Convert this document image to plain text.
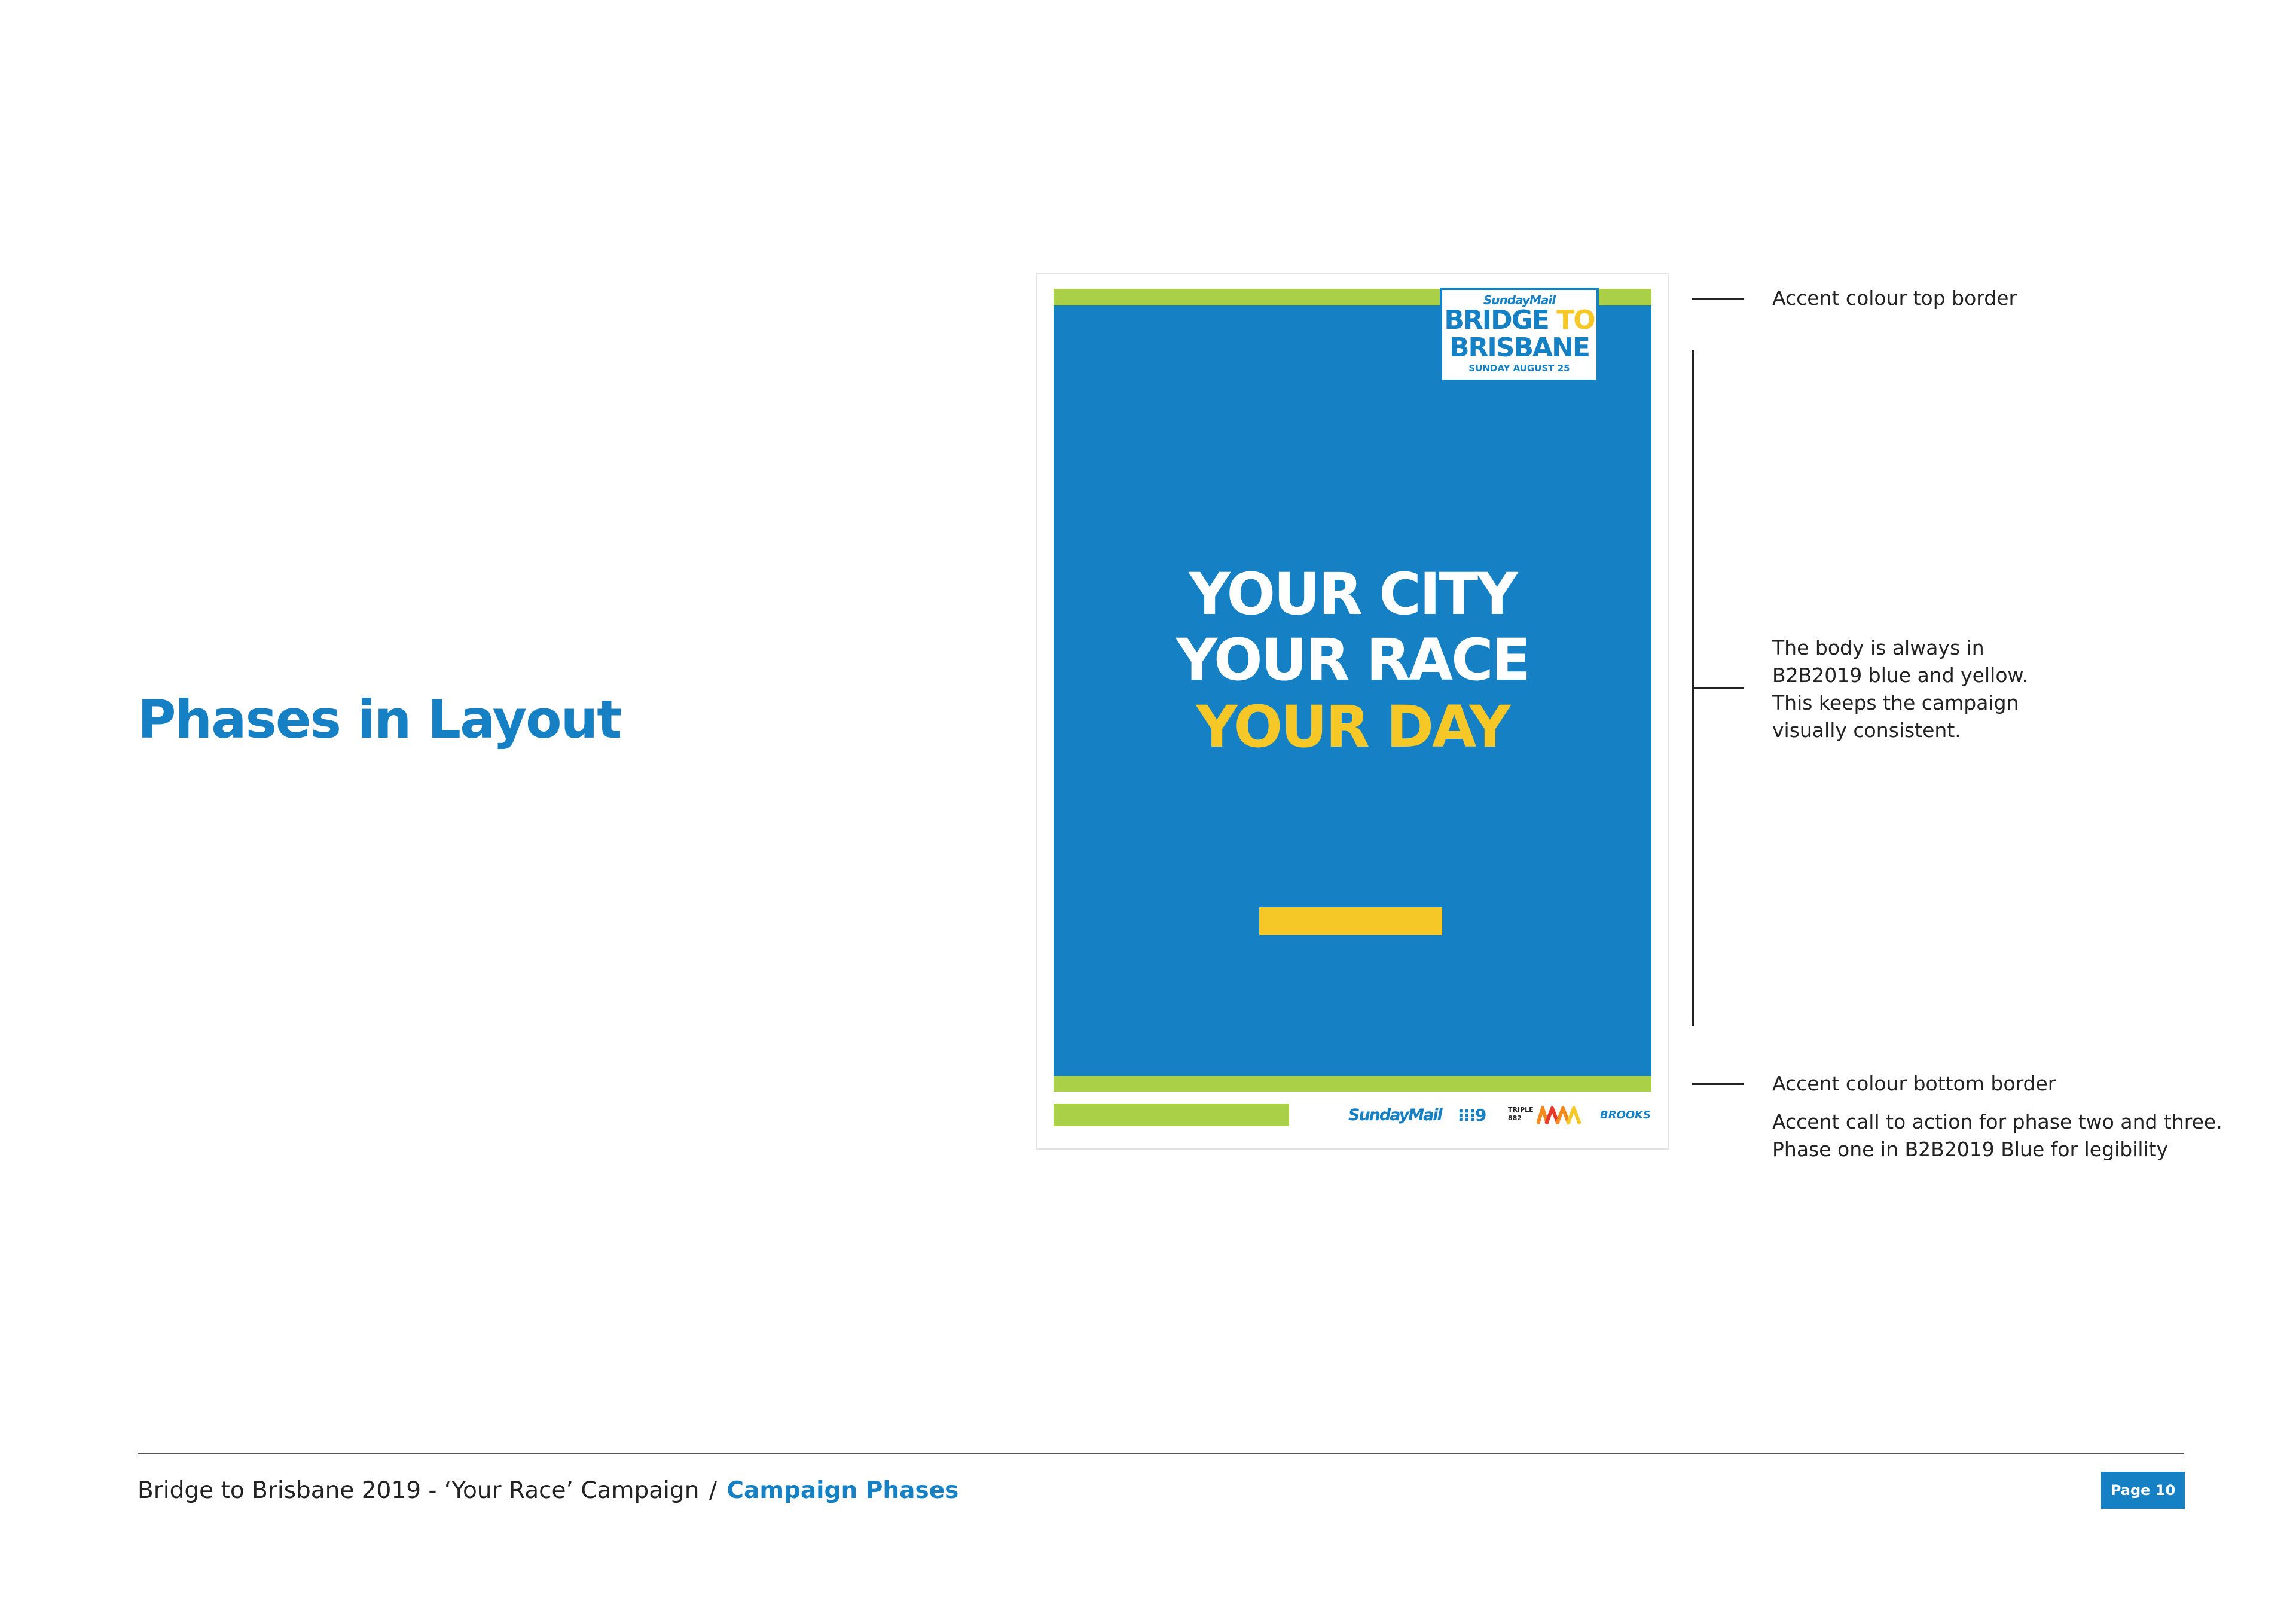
Phases in Layout
SundayMail
BRIDGE TO
BRISBANE
SUNDAY AUGUST 25
YOUR CITY
YOUR RACE
YOUR DAY
SundayMail ⁝⁝⁝9	TRIPLE
882	BROOKS
Accent colour top border

The body is always in

B2B2019 blue and yellow.

This keeps the campaign

visually consistent.

Accent colour bottom border

Accent call to action for phase two and three.

Phase one in B2B2019 Blue for legibility

Bridge to Brisbane 2019 - ‘Your Race’ Campaign / Campaign Phases	Page 10
